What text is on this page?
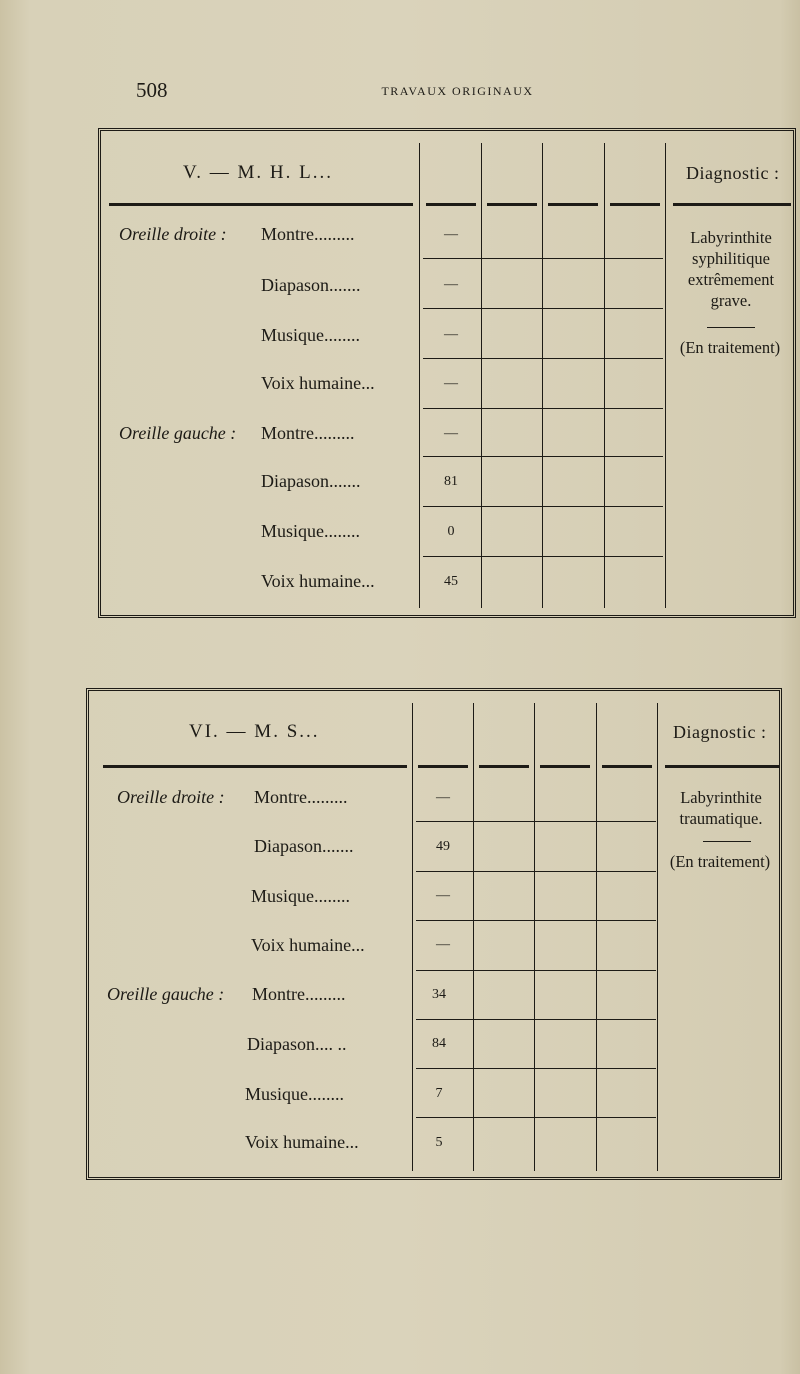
508	TRAVAUX ORIGINAUX
V. — M. H. L...	Diagnostic :
Oreille droite : Montre.........	—
Diapason.......	—
Musique........	—
Voix humaine...	—
Oreille gauche : Montre.........	—
Diapason.......	81
Musique........	0
Voix humaine...	45
Labyrinthite
syphilitique
extrêmement
grave.
(En traitement)
VI. — M. S...	Diagnostic :
Oreille droite : Montre.........	—
Diapason.......	49
Musique........	—
Voix humaine...	—
Oreille gauche : Montre.........	34
Diapason.... ..	84
Musique........	7
Voix humaine...	5
Labyrinthite
traumatique.
(En traitement)
